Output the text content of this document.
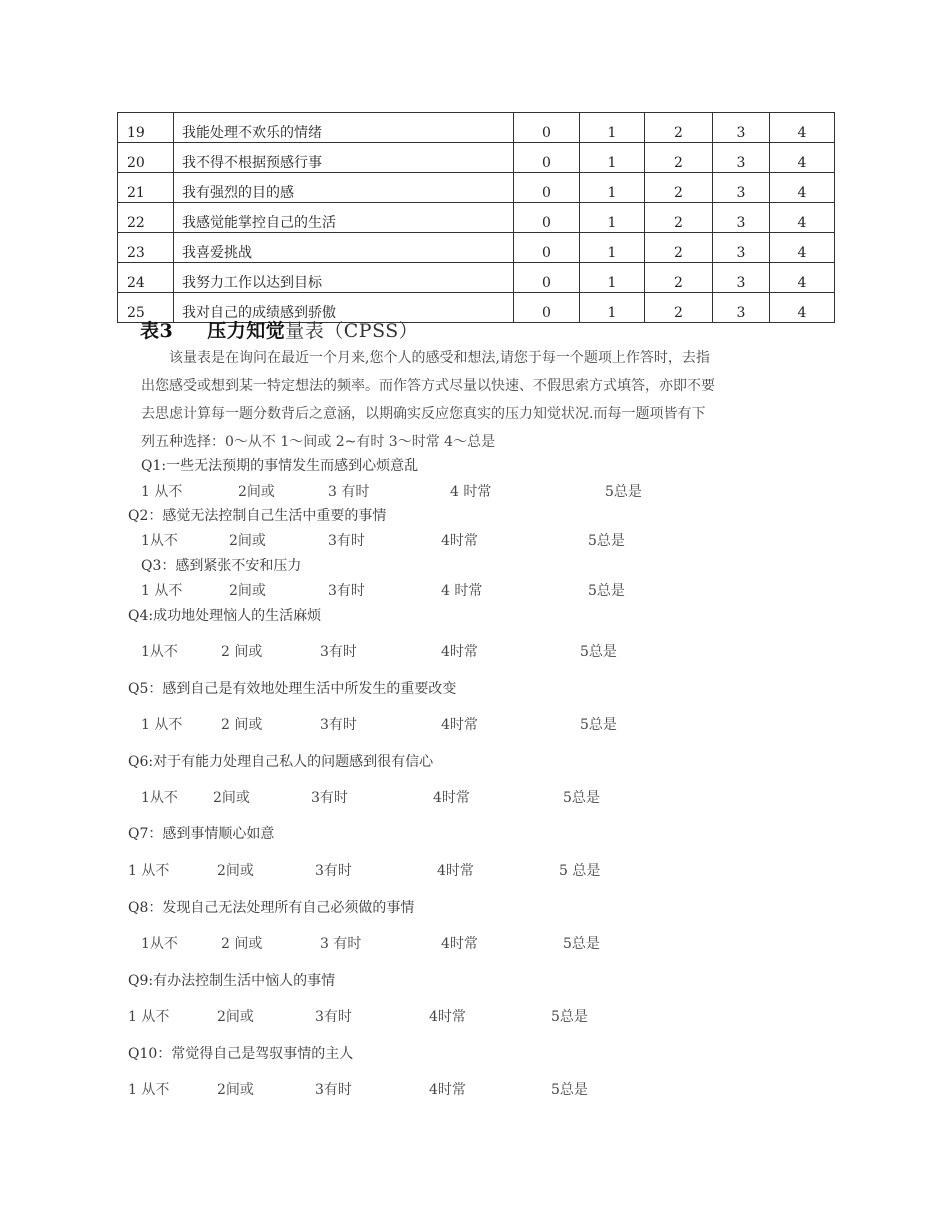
19	我能处理不欢乐的情绪	0	1	2	3	4
20	我不得不根据预感行事	0	1	2	3	4
21	我有强烈的目的感	0	1	2	3	4
22	我感觉能掌控自己的生活	0	1	2	3	4
23	我喜爱挑战	0	1	2	3	4
24	我努力工作以达到目标	0	1	2	3	4
25	我对自己的成绩感到骄傲	0	1	2	3	4
表3 压力知觉量表（CPSS）

该量表是在询问在最近一个月来,您个人的感受和想法,请您于每一个题项上作答时，去指

出您感受或想到某一特定想法的频率。而作答方式尽量以快速、不假思索方式填答，亦即不要

去思虑计算每一题分数背后之意涵，以期确实反应您真实的压力知觉状况.而每一题项皆有下

列五种选择：0～从不 1～间或 2~有时 3～时常 4～总是

Q1:一些无法预期的事情发生而感到心烦意乱
1 从不	2间或	3 有时	4 时常	5总是
Q2：感觉无法控制自己生活中重要的事情
1从不	2间或	3有时	4时常	5总是
Q3：感到紧张不安和压力
1 从不	2间或	3有时	4 时常	5总是
Q4:成功地处理恼人的生活麻烦
1从不	2 间或	3有时	4时常	5总是
Q5：感到自己是有效地处理生活中所发生的重要改变
1 从不	2 间或	3有时	4时常	5总是
Q6:对于有能力处理自己私人的问题感到很有信心
1从不	2间或	3有时	4时常	5总是
Q7：感到事情顺心如意
1 从不	2间或	3有时	4时常	5 总是
Q8：发现自己无法处理所有自己必须做的事情
1从不	2 间或	3 有时	4时常	5总是
Q9:有办法控制生活中恼人的事情
1 从不	2间或	3有时	4时常	5总是
Q10：常觉得自己是驾驭事情的主人
1 从不	2间或	3有时	4时常	5总是
